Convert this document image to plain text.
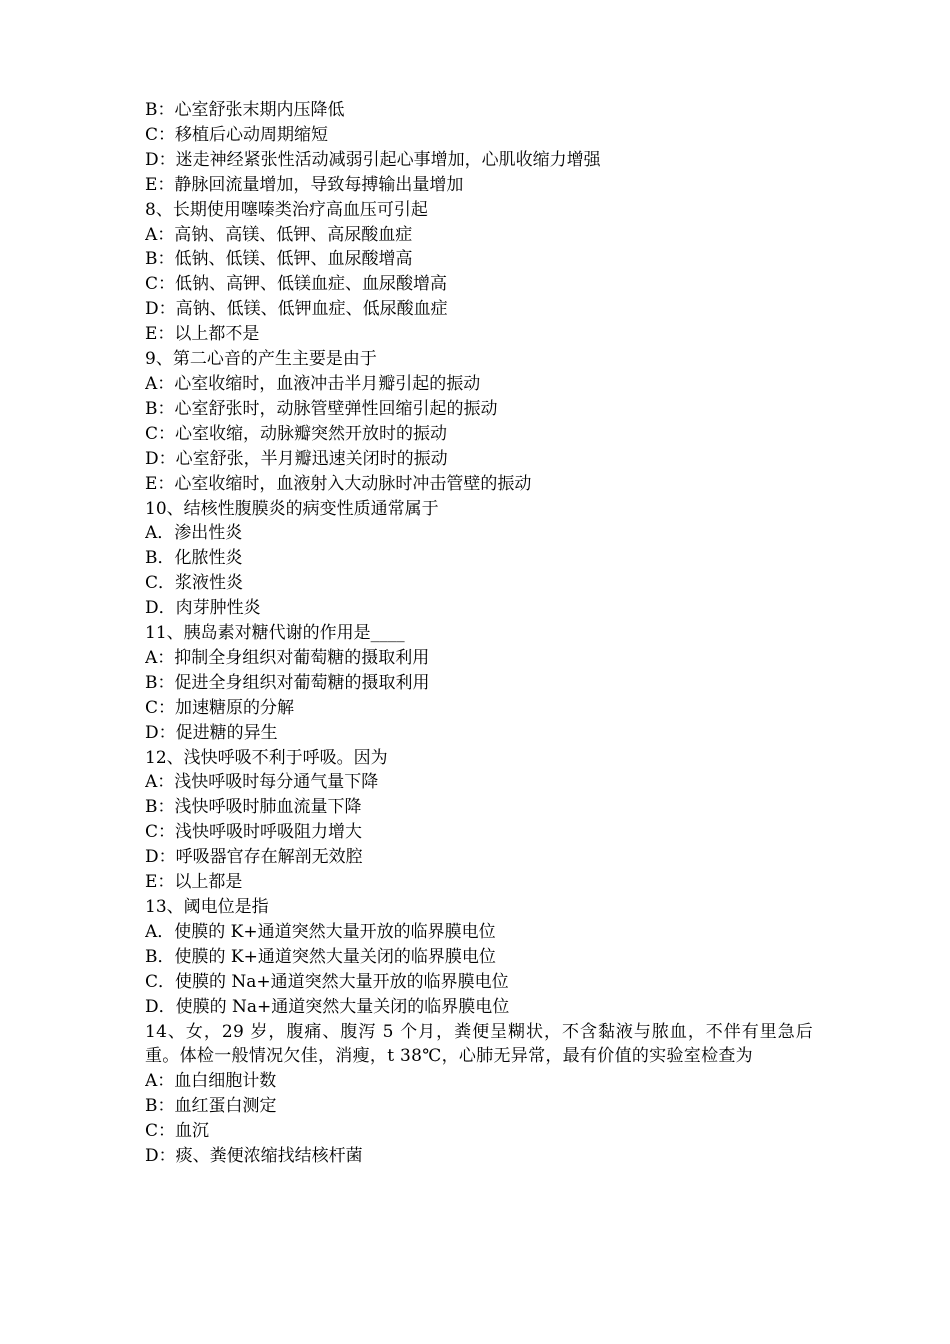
B：心室舒张末期内压降低
C：移植后心动周期缩短
D：迷走神经紧张性活动减弱引起心事增加，心肌收缩力增强
E：静脉回流量增加，导致每搏输出量增加
8、长期使用噻嗪类治疗高血压可引起
A：高钠、高镁、低钾、高尿酸血症
B：低钠、低镁、低钾、血尿酸增高
C：低钠、高钾、低镁血症、血尿酸增高
D：高钠、低镁、低钾血症、低尿酸血症
E：以上都不是
9、第二心音的产生主要是由于
A：心室收缩时，血液冲击半月瓣引起的振动
B：心室舒张时，动脉管壁弹性回缩引起的振动
C：心室收缩，动脉瓣突然开放时的振动
D：心室舒张，半月瓣迅速关闭时的振动
E：心室收缩时，血液射入大动脉时冲击管壁的振动
10、结核性腹膜炎的病变性质通常属于
A．渗出性炎
B．化脓性炎
C．浆液性炎
D．肉芽肿性炎
11、胰岛素对糖代谢的作用是____
A：抑制全身组织对葡萄糖的摄取利用
B：促进全身组织对葡萄糖的摄取利用
C：加速糖原的分解
D：促进糖的异生
12、浅快呼吸不利于呼吸。因为
A：浅快呼吸时每分通气量下降
B：浅快呼吸时肺血流量下降
C：浅快呼吸时呼吸阻力增大
D：呼吸器官存在解剖无效腔
E：以上都是
13、阈电位是指
A．使膜的 K+通道突然大量开放的临界膜电位
B．使膜的 K+通道突然大量关闭的临界膜电位
C．使膜的 Na+通道突然大量开放的临界膜电位
D．使膜的 Na+通道突然大量关闭的临界膜电位
14、女，29 岁，腹痛、腹泻 5 个月，粪便呈糊状，不含黏液与脓血，不伴有里急后重。体检一般情况欠佳，消瘦，t 38℃，心肺无异常，最有价值的实验室检查为
A：血白细胞计数
B：血红蛋白测定
C：血沉
D：痰、粪便浓缩找结核杆菌
